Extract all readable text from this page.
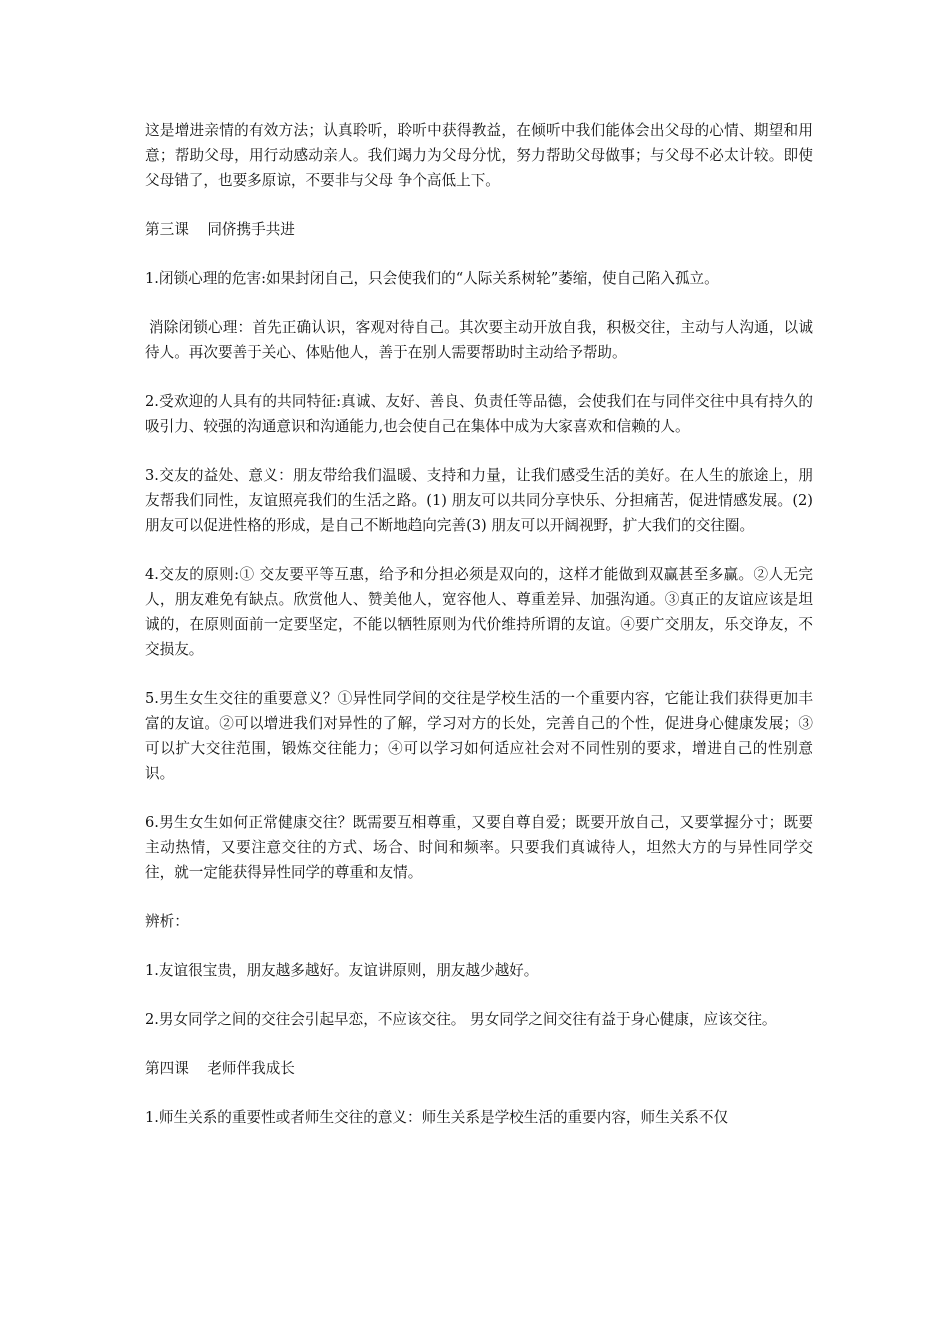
这是增进亲情的有效方法；认真聆听，聆听中获得教益，在倾听中我们能体会出父母的心情、期望和用意；帮助父母，用行动感动亲人。我们竭力为父母分忧，努力帮助父母做事；与父母不必太计较。即使父母错了，也要多原谅，不要非与父母 争个高低上下。

第三课    同侪携手共进

1.闭锁心理的危害:如果封闭自己，只会使我们的“人际关系树轮”萎缩，使自己陷入孤立。

消除闭锁心理：首先正确认识，客观对待自己。其次要主动开放自我，积极交往，主动与人沟通，以诚待人。再次要善于关心、体贴他人，善于在别人需要帮助时主动给予帮助。

2.受欢迎的人具有的共同特征:真诚、友好、善良、负责任等品德，会使我们在与同伴交往中具有持久的吸引力、较强的沟通意识和沟通能力,也会使自己在集体中成为大家喜欢和信赖的人。

3.交友的益处、意义：朋友带给我们温暖、支持和力量，让我们感受生活的美好。在人生的旅途上，朋友帮我们同性，友谊照亮我们的生活之路。(1) 朋友可以共同分享快乐、分担痛苦，促进情感发展。(2) 朋友可以促进性格的形成，是自己不断地趋向完善(3) 朋友可以开阔视野，扩大我们的交往圈。

4.交友的原则:① 交友要平等互惠，给予和分担必须是双向的，这样才能做到双赢甚至多赢。②人无完人，朋友难免有缺点。欣赏他人、赞美他人，宽容他人、尊重差异、加强沟通。③真正的友谊应该是坦诚的，在原则面前一定要坚定，不能以牺牲原则为代价维持所谓的友谊。④要广交朋友，乐交诤友，不交损友。

5.男生女生交往的重要意义？①异性同学间的交往是学校生活的一个重要内容，它能让我们获得更加丰富的友谊。②可以增进我们对异性的了解，学习对方的长处，完善自己的个性，促进身心健康发展；③可以扩大交往范围，锻炼交往能力；④可以学习如何适应社会对不同性别的要求，增进自己的性别意识。

6.男生女生如何正常健康交往？既需要互相尊重，又要自尊自爱；既要开放自己，又要掌握分寸；既要主动热情，又要注意交往的方式、场合、时间和频率。只要我们真诚待人，坦然大方的与异性同学交往，就一定能获得异性同学的尊重和友情。

辨析：

1.友谊很宝贵，朋友越多越好。友谊讲原则，朋友越少越好。

2.男女同学之间的交往会引起早恋，不应该交往。 男女同学之间交往有益于身心健康，应该交往。

第四课    老师伴我成长

1.师生关系的重要性或者师生交往的意义：师生关系是学校生活的重要内容，师生关系不仅
